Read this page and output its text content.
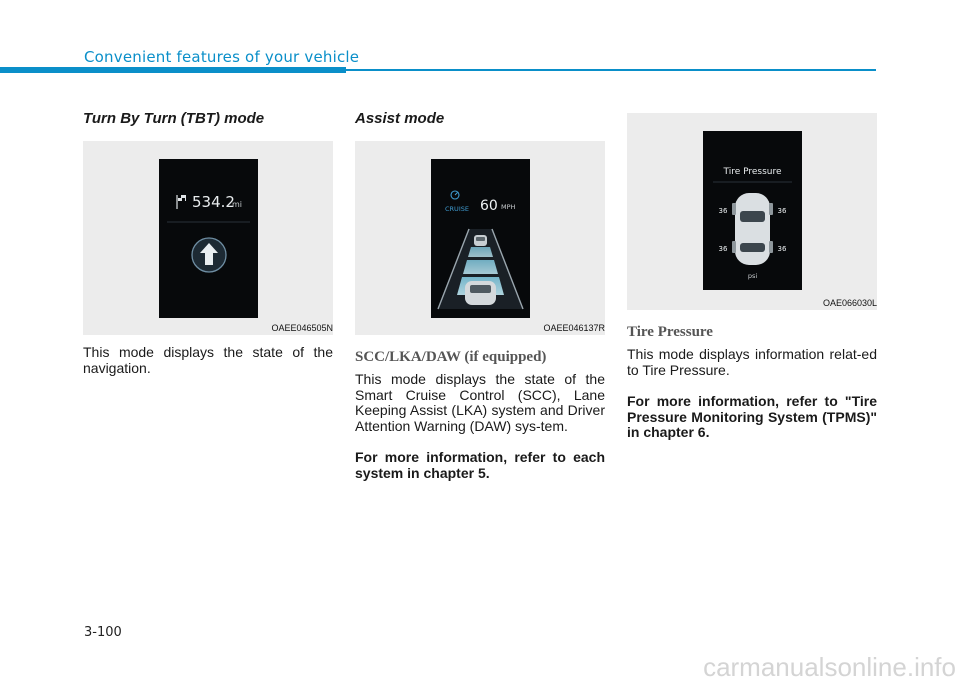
Convenient features of your vehicle
Turn By Turn (TBT) mode
534.2
mi
OAEE046505N

This mode displays the state of the navigation.

Assist mode
CRUISE 60 MPH
OAEE046137R
SCC/LKA/DAW (if equipped)

This mode displays the state of the Smart Cruise Control (SCC), Lane Keeping Assist (LKA) system and Driver Attention Warning (DAW) sys-tem.

For more information, refer to each system in chapter 5.

Tire Pressure
36	36
36	36
psi
OAE066030L
Tire Pressure

This mode displays information relat-ed to Tire Pressure.

For more information, refer to "Tire Pressure Monitoring System (TPMS)" in chapter 6.

3-100
carmanualsonline.info
